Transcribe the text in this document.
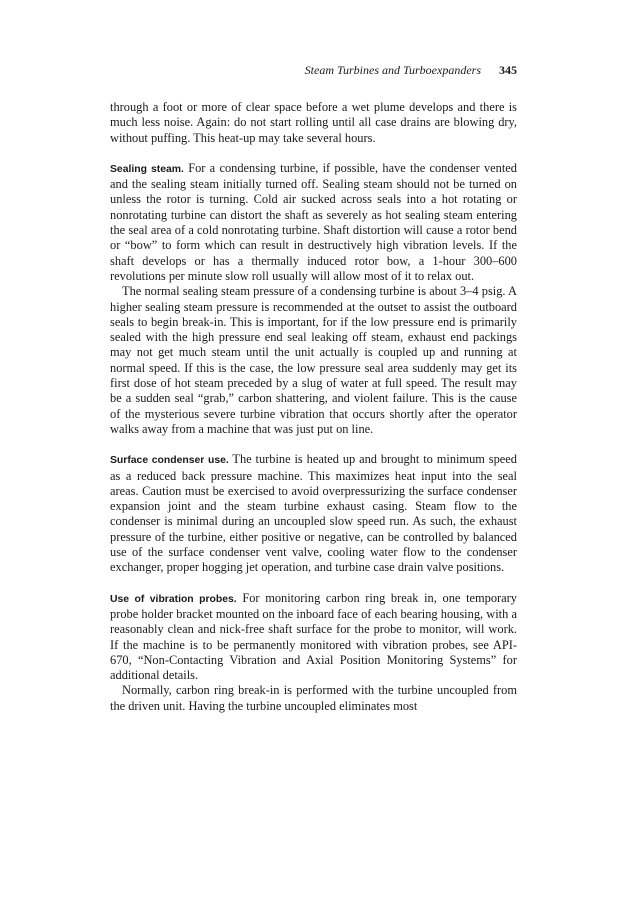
Steam Turbines and Turboexpanders 345

through a foot or more of clear space before a wet plume develops and there is much less noise. Again: do not start rolling until all case drains are blowing dry, without puffing. This heat-up may take several hours.

Sealing steam. For a condensing turbine, if possible, have the condenser vented and the sealing steam initially turned off. Sealing steam should not be turned on unless the rotor is turning. Cold air sucked across seals into a hot rotating or nonrotating turbine can distort the shaft as severely as hot sealing steam entering the seal area of a cold nonrotating turbine. Shaft distortion will cause a rotor bend or “bow” to form which can result in destructively high vibration levels. If the shaft develops or has a thermally induced rotor bow, a 1-hour 300–600 revolutions per minute slow roll usually will allow most of it to relax out.

The normal sealing steam pressure of a condensing turbine is about 3–4 psig. A higher sealing steam pressure is recommended at the outset to assist the outboard seals to begin break-in. This is important, for if the low pressure end is primarily sealed with the high pressure end seal leaking off steam, exhaust end packings may not get much steam until the unit actually is coupled up and running at normal speed. If this is the case, the low pressure seal area suddenly may get its first dose of hot steam preceded by a slug of water at full speed. The result may be a sudden seal “grab,” carbon shattering, and violent failure. This is the cause of the mysterious severe turbine vibration that occurs shortly after the operator walks away from a machine that was just put on line.

Surface condenser use. The turbine is heated up and brought to minimum speed as a reduced back pressure machine. This maximizes heat input into the seal areas. Caution must be exercised to avoid overpressurizing the surface condenser expansion joint and the steam turbine exhaust casing. Steam flow to the condenser is minimal during an uncoupled slow speed run. As such, the exhaust pressure of the turbine, either positive or negative, can be controlled by balanced use of the surface condenser vent valve, cooling water flow to the condenser exchanger, proper hogging jet operation, and turbine case drain valve positions.

Use of vibration probes. For monitoring carbon ring break in, one temporary probe holder bracket mounted on the inboard face of each bearing housing, with a reasonably clean and nick-free shaft surface for the probe to monitor, will work. If the machine is to be permanently monitored with vibration probes, see API-670, “Non-Contacting Vibration and Axial Position Monitoring Systems” for additional details.

Normally, carbon ring break-in is performed with the turbine uncoupled from the driven unit. Having the turbine uncoupled eliminates most
